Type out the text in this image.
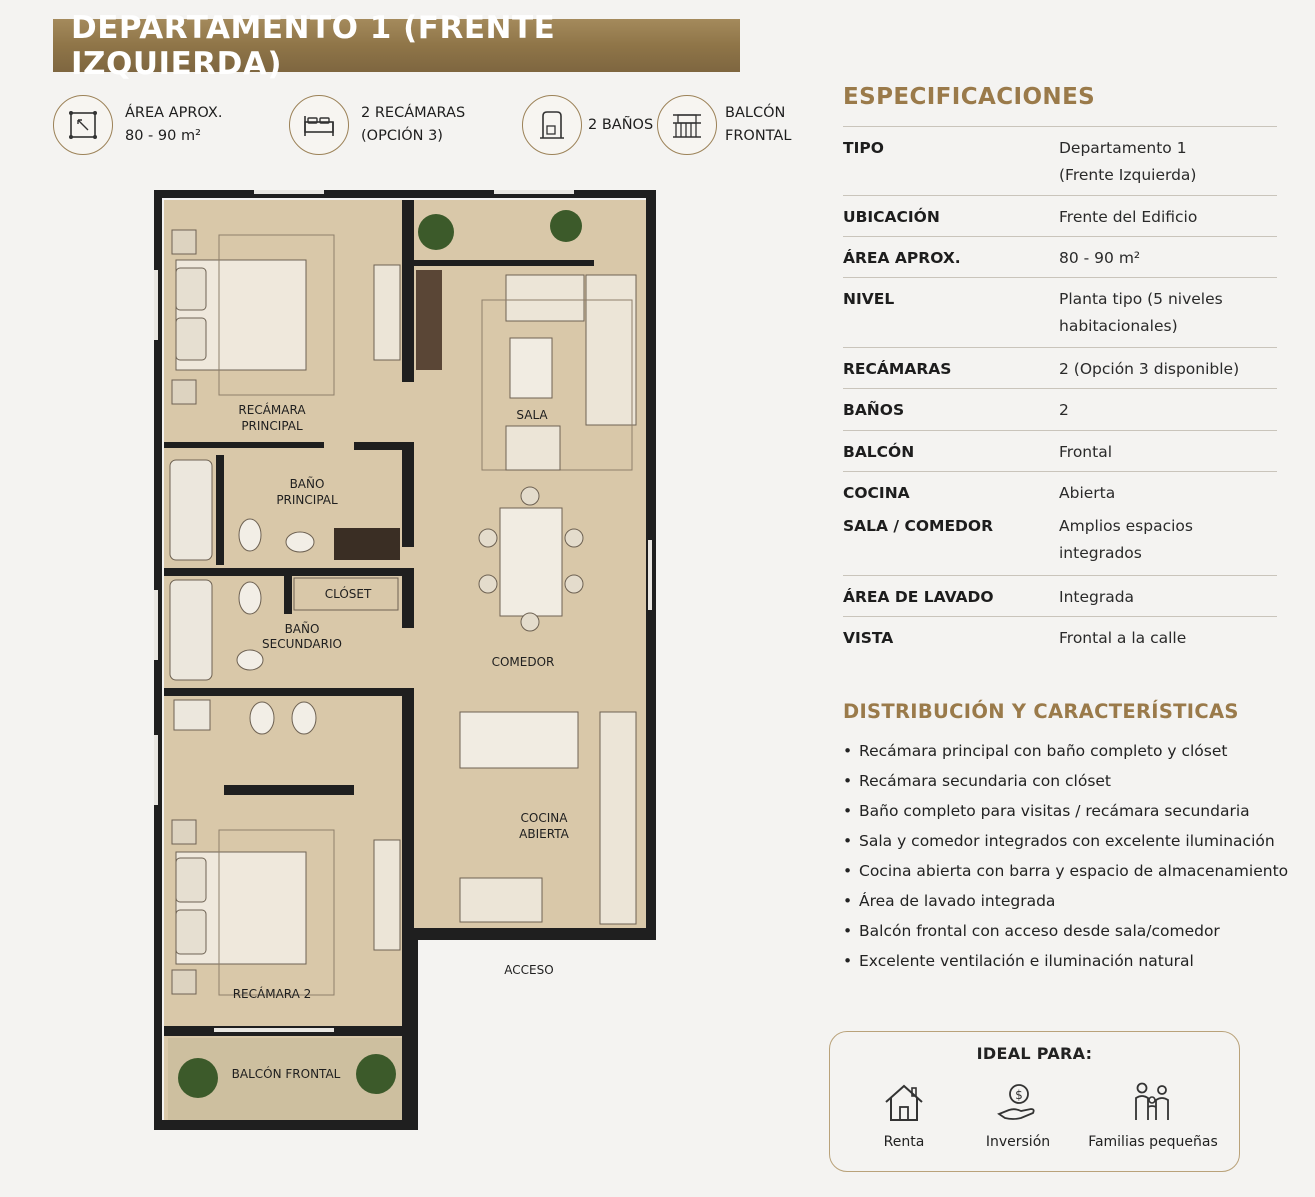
DEPARTAMENTO 1 (FRENTE IZQUIERDA)
ÁREA APROX.
80 - 90 m²
2 RECÁMARAS
(OPCIÓN 3)
2 BAÑOS
BALCÓN
FRONTAL
RECÁMARA
PRINCIPAL
BAÑO
PRINCIPAL
CLÓSET
BAÑO
SECUNDARIO
SALA
COMEDOR
COCINA
ABIERTA
ACCESO
RECÁMARA 2
BALCÓN FRONTAL
ESPECIFICACIONES
TIPO	Departamento 1
(Frente Izquierda)
UBICACIÓN	Frente del Edificio
ÁREA APROX.	80 - 90 m²
NIVEL	Planta tipo (5 niveles
habitacionales)
RECÁMARAS	2 (Opción 3 disponible)
BAÑOS	2
BALCÓN	Frontal
COCINA	Abierta
SALA / COMEDOR	Amplios espacios
integrados
ÁREA DE LAVADO	Integrada
VISTA	Frontal a la calle
DISTRIBUCIÓN Y CARACTERÍSTICAS
• Recámara principal con baño completo y clóset
• Recámara secundaria con clóset
• Baño completo para visitas / recámara secundaria
• Sala y comedor integrados con excelente iluminación
• Cocina abierta con barra y espacio de almacenamiento
• Área de lavado integrada
• Balcón frontal con acceso desde sala/comedor
• Excelente ventilación e iluminación natural
IDEAL PARA:
Renta
$
Inversión	Familias pequeñas
